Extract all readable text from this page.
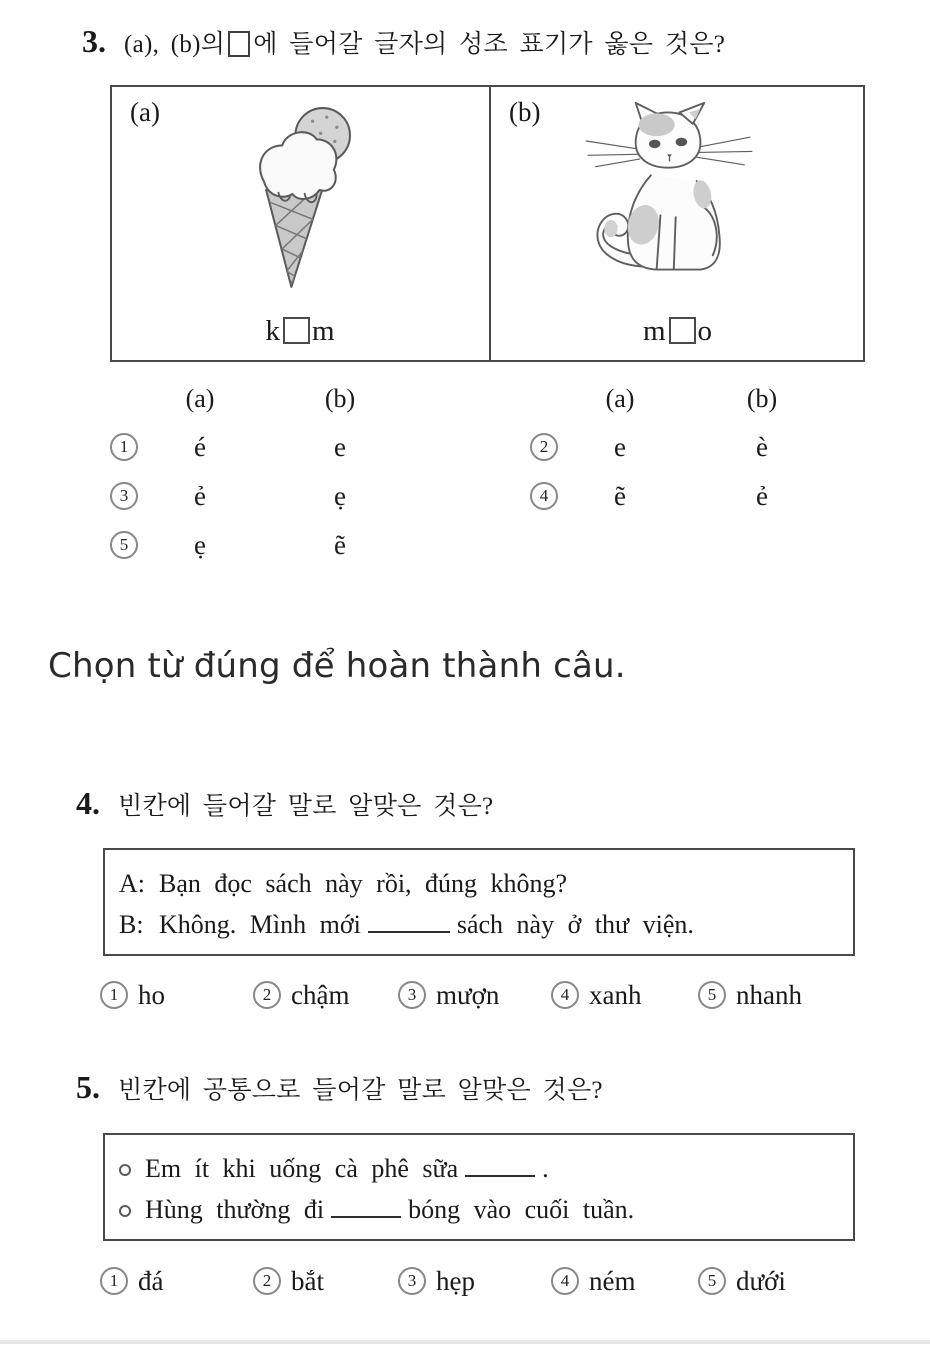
3. (a), (b)의 에 들어갈 글자의 성조 표기가 옳은 것은?
(a)
k m
(b)
m o
(a)	(b)	(a)	(b)
1	é	e
3	ẻ	ẹ
5	ẹ	ẽ
2	e	è
4	ẽ	ẻ
Chọn từ đúng để hoàn thành câu.
4. 빈칸에 들어갈 말로 알맞은 것은?
A: Bạn đọc sách này rồi, đúng không?
B: Không. Mình mới	sách này ở thư viện.
1 ho	2 chậm	3 mượn	4 xanh	5 nhanh
5. 빈칸에 공통으로 들어갈 말로 알맞은 것은?
Em ít khi uống cà phê sữa	.
Hùng thường đi	bóng vào cuối tuần.
1 đá	2 bắt	3 hẹp	4 ném	5 dưới
